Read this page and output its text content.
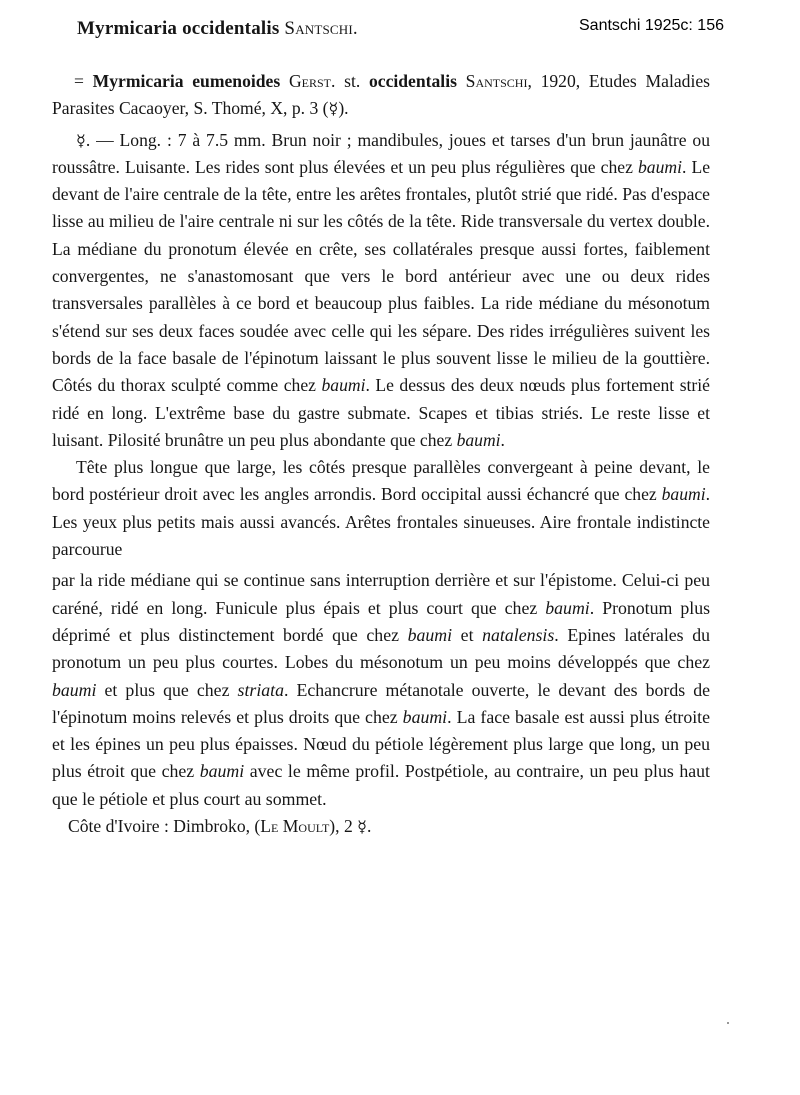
Myrmicaria occidentalis Santschi.	Santschi 1925c: 156

= Myrmicaria eumenoides Gerst. st. occidentalis Santschi, 1920, Etudes Maladies Parasites Cacaoyer, S. Thomé, X, p. 3 (☿).

☿. — Long. : 7 à 7.5 mm. Brun noir ; mandibules, joues et tarses d'un brun jaunâtre ou roussâtre. Luisante. Les rides sont plus élevées et un peu plus régulières que chez baumi. Le devant de l'aire centrale de la tête, entre les arêtes frontales, plutôt strié que ridé. Pas d'espace lisse au milieu de l'aire centrale ni sur les côtés de la tête. Ride transversale du vertex double. La médiane du pronotum élevée en crête, ses collatérales presque aussi fortes, faiblement convergentes, ne s'anastomosant que vers le bord antérieur avec une ou deux rides transversales parallèles à ce bord et beaucoup plus faibles. La ride médiane du mésonotum s'étend sur ses deux faces soudée avec celle qui les sépare. Des rides irrégulières suivent les bords de la face basale de l'épinotum laissant le plus souvent lisse le milieu de la gouttière. Côtés du thorax sculpté comme chez baumi. Le dessus des deux nœuds plus fortement strié ridé en long. L'extrême base du gastre submate. Scapes et tibias striés. Le reste lisse et luisant. Pilosité brunâtre un peu plus abondante que chez baumi.

Tête plus longue que large, les côtés presque parallèles convergeant à peine devant, le bord postérieur droit avec les angles arrondis. Bord occipital aussi échancré que chez baumi. Les yeux plus petits mais aussi avancés. Arêtes frontales sinueuses. Aire frontale indistincte parcourue

par la ride médiane qui se continue sans interruption derrière et sur l'épistome. Celui-ci peu caréné, ridé en long. Funicule plus épais et plus court que chez baumi. Pronotum plus déprimé et plus distinctement bordé que chez baumi et natalensis. Epines latérales du pronotum un peu plus courtes. Lobes du mésonotum un peu moins développés que chez baumi et plus que chez striata. Echancrure métanotale ouverte, le devant des bords de l'épinotum moins relevés et plus droits que chez baumi. La face basale est aussi plus étroite et les épines un peu plus épaisses. Nœud du pétiole légèrement plus large que long, un peu plus étroit que chez baumi avec le même profil. Postpétiole, au contraire, un peu plus haut que le pétiole et plus court au sommet.

Côte d'Ivoire : Dimbroko, (Le Moult), 2 ☿.
